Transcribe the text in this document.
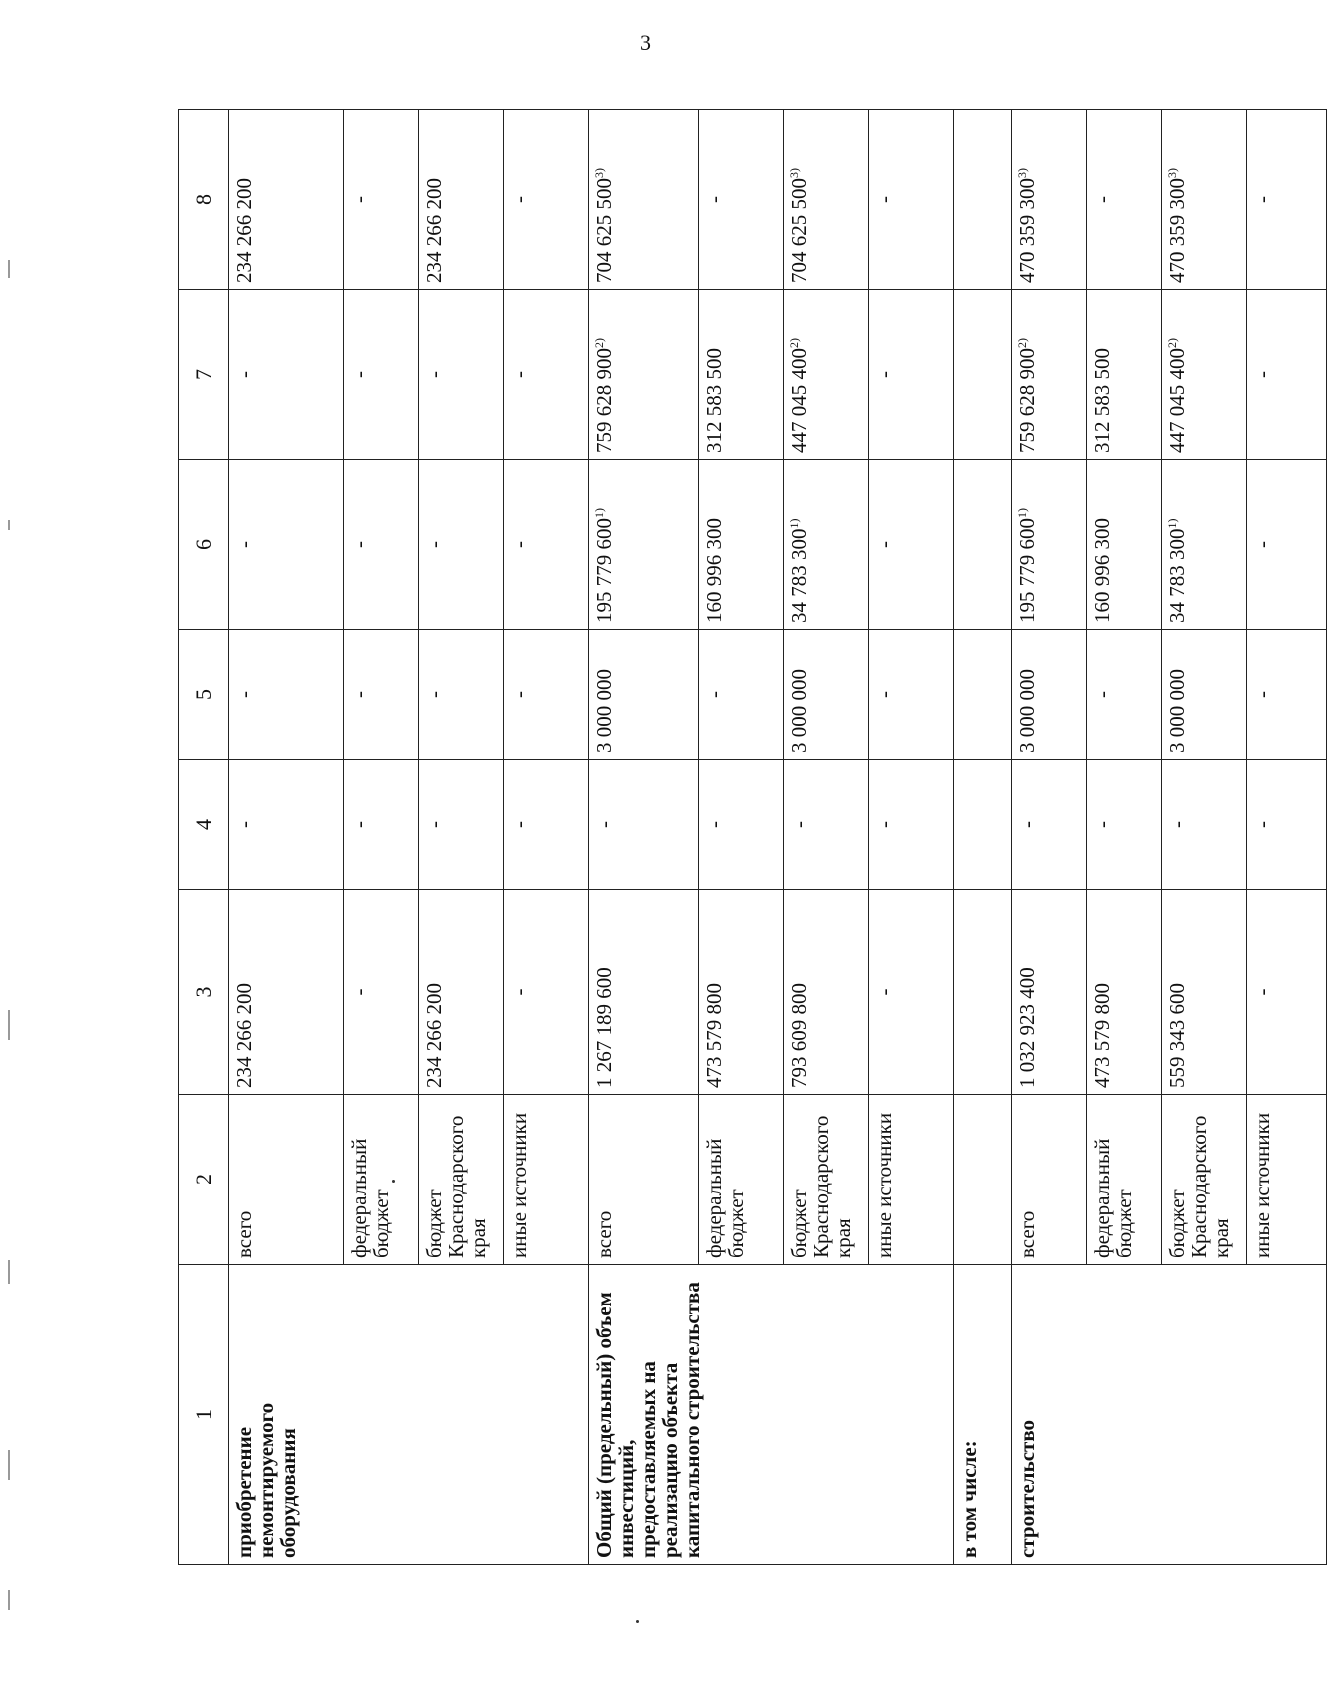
3
1	2	3	4	5	6	7	8
приобретение немонтируемого оборудования	всего	234 266 200	-	-	-	-	234 266 200
	федеральный бюджет	-	-	-	-	-	-
	бюджет Краснодарского края	234 266 200	-	-	-	-	234 266 200
	иные источники	-	-	-	-	-	-
Общий (предельный) объем инвестиций, предоставляемых на реализацию объекта капитального строительства	всего	1 267 189 600	-	3 000 000	195 779 600$^{1)}$	759 628 900$^{2)}$	704 625 500$^{3)}$
	федеральный бюджет	473 579 800	-	-	160 996 300	312 583 500	-
	бюджет Краснодарского края	793 609 800	-	3 000 000	34 783 300$^{1)}$	447 045 400$^{2)}$	704 625 500$^{3)}$
	иные источники	-	-	-	-	-	-
в том числе:							
строительство	всего	1 032 923 400	-	3 000 000	195 779 600$^{1)}$	759 628 900$^{2)}$	470 359 300$^{3)}$
	федеральный бюджет	473 579 800	-	-	160 996 300	312 583 500	-
	бюджет Краснодарского края	559 343 600	-	3 000 000	34 783 300$^{1)}$	447 045 400$^{2)}$	470 359 300$^{3)}$
	иные источники	-	-	-	-	-	-
